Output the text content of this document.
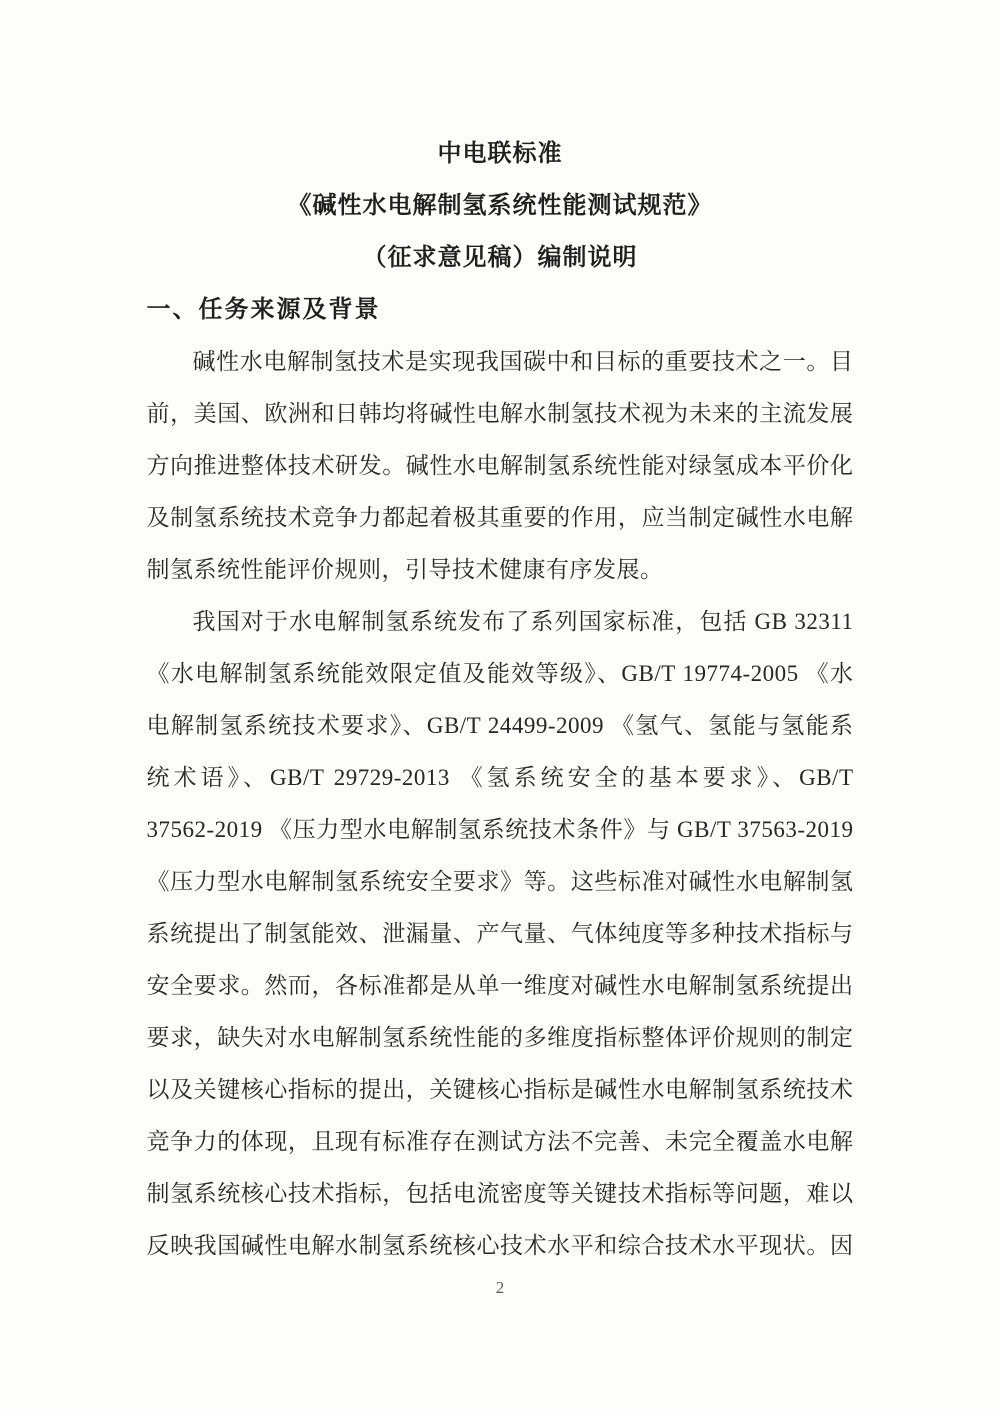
中电联标准
《碱性水电解制氢系统性能测试规范》
（征求意见稿）编制说明
一、任务来源及背景
碱性水电解制氢技术是实现我国碳中和目标的重要技术之一。目
前，美国、欧洲和日韩均将碱性电解水制氢技术视为未来的主流发展
方向推进整体技术研发。碱性水电解制氢系统性能对绿氢成本平价化
及制氢系统技术竞争力都起着极其重要的作用，应当制定碱性水电解
制氢系统性能评价规则，引导技术健康有序发展。
我国对于水电解制氢系统发布了系列国家标准，包括 GB 32311
《水电解制氢系统能效限定值及能效等级》、GB/T 19774-2005 《水
电解制氢系统技术要求》、GB/T 24499-2009 《氢气、氢能与氢能系
统术语》、GB/T 29729-2013 《氢系统安全的基本要求》、GB/T
37562-2019 《压力型水电解制氢系统技术条件》与 GB/T 37563-2019
《压力型水电解制氢系统安全要求》等。这些标准对碱性水电解制氢
系统提出了制氢能效、泄漏量、产气量、气体纯度等多种技术指标与
安全要求。然而，各标准都是从单一维度对碱性水电解制氢系统提出
要求，缺失对水电解制氢系统性能的多维度指标整体评价规则的制定
以及关键核心指标的提出，关键核心指标是碱性水电解制氢系统技术
竞争力的体现，且现有标准存在测试方法不完善、未完全覆盖水电解
制氢系统核心技术指标，包括电流密度等关键技术指标等问题，难以
反映我国碱性电解水制氢系统核心技术水平和综合技术水平现状。因
2
